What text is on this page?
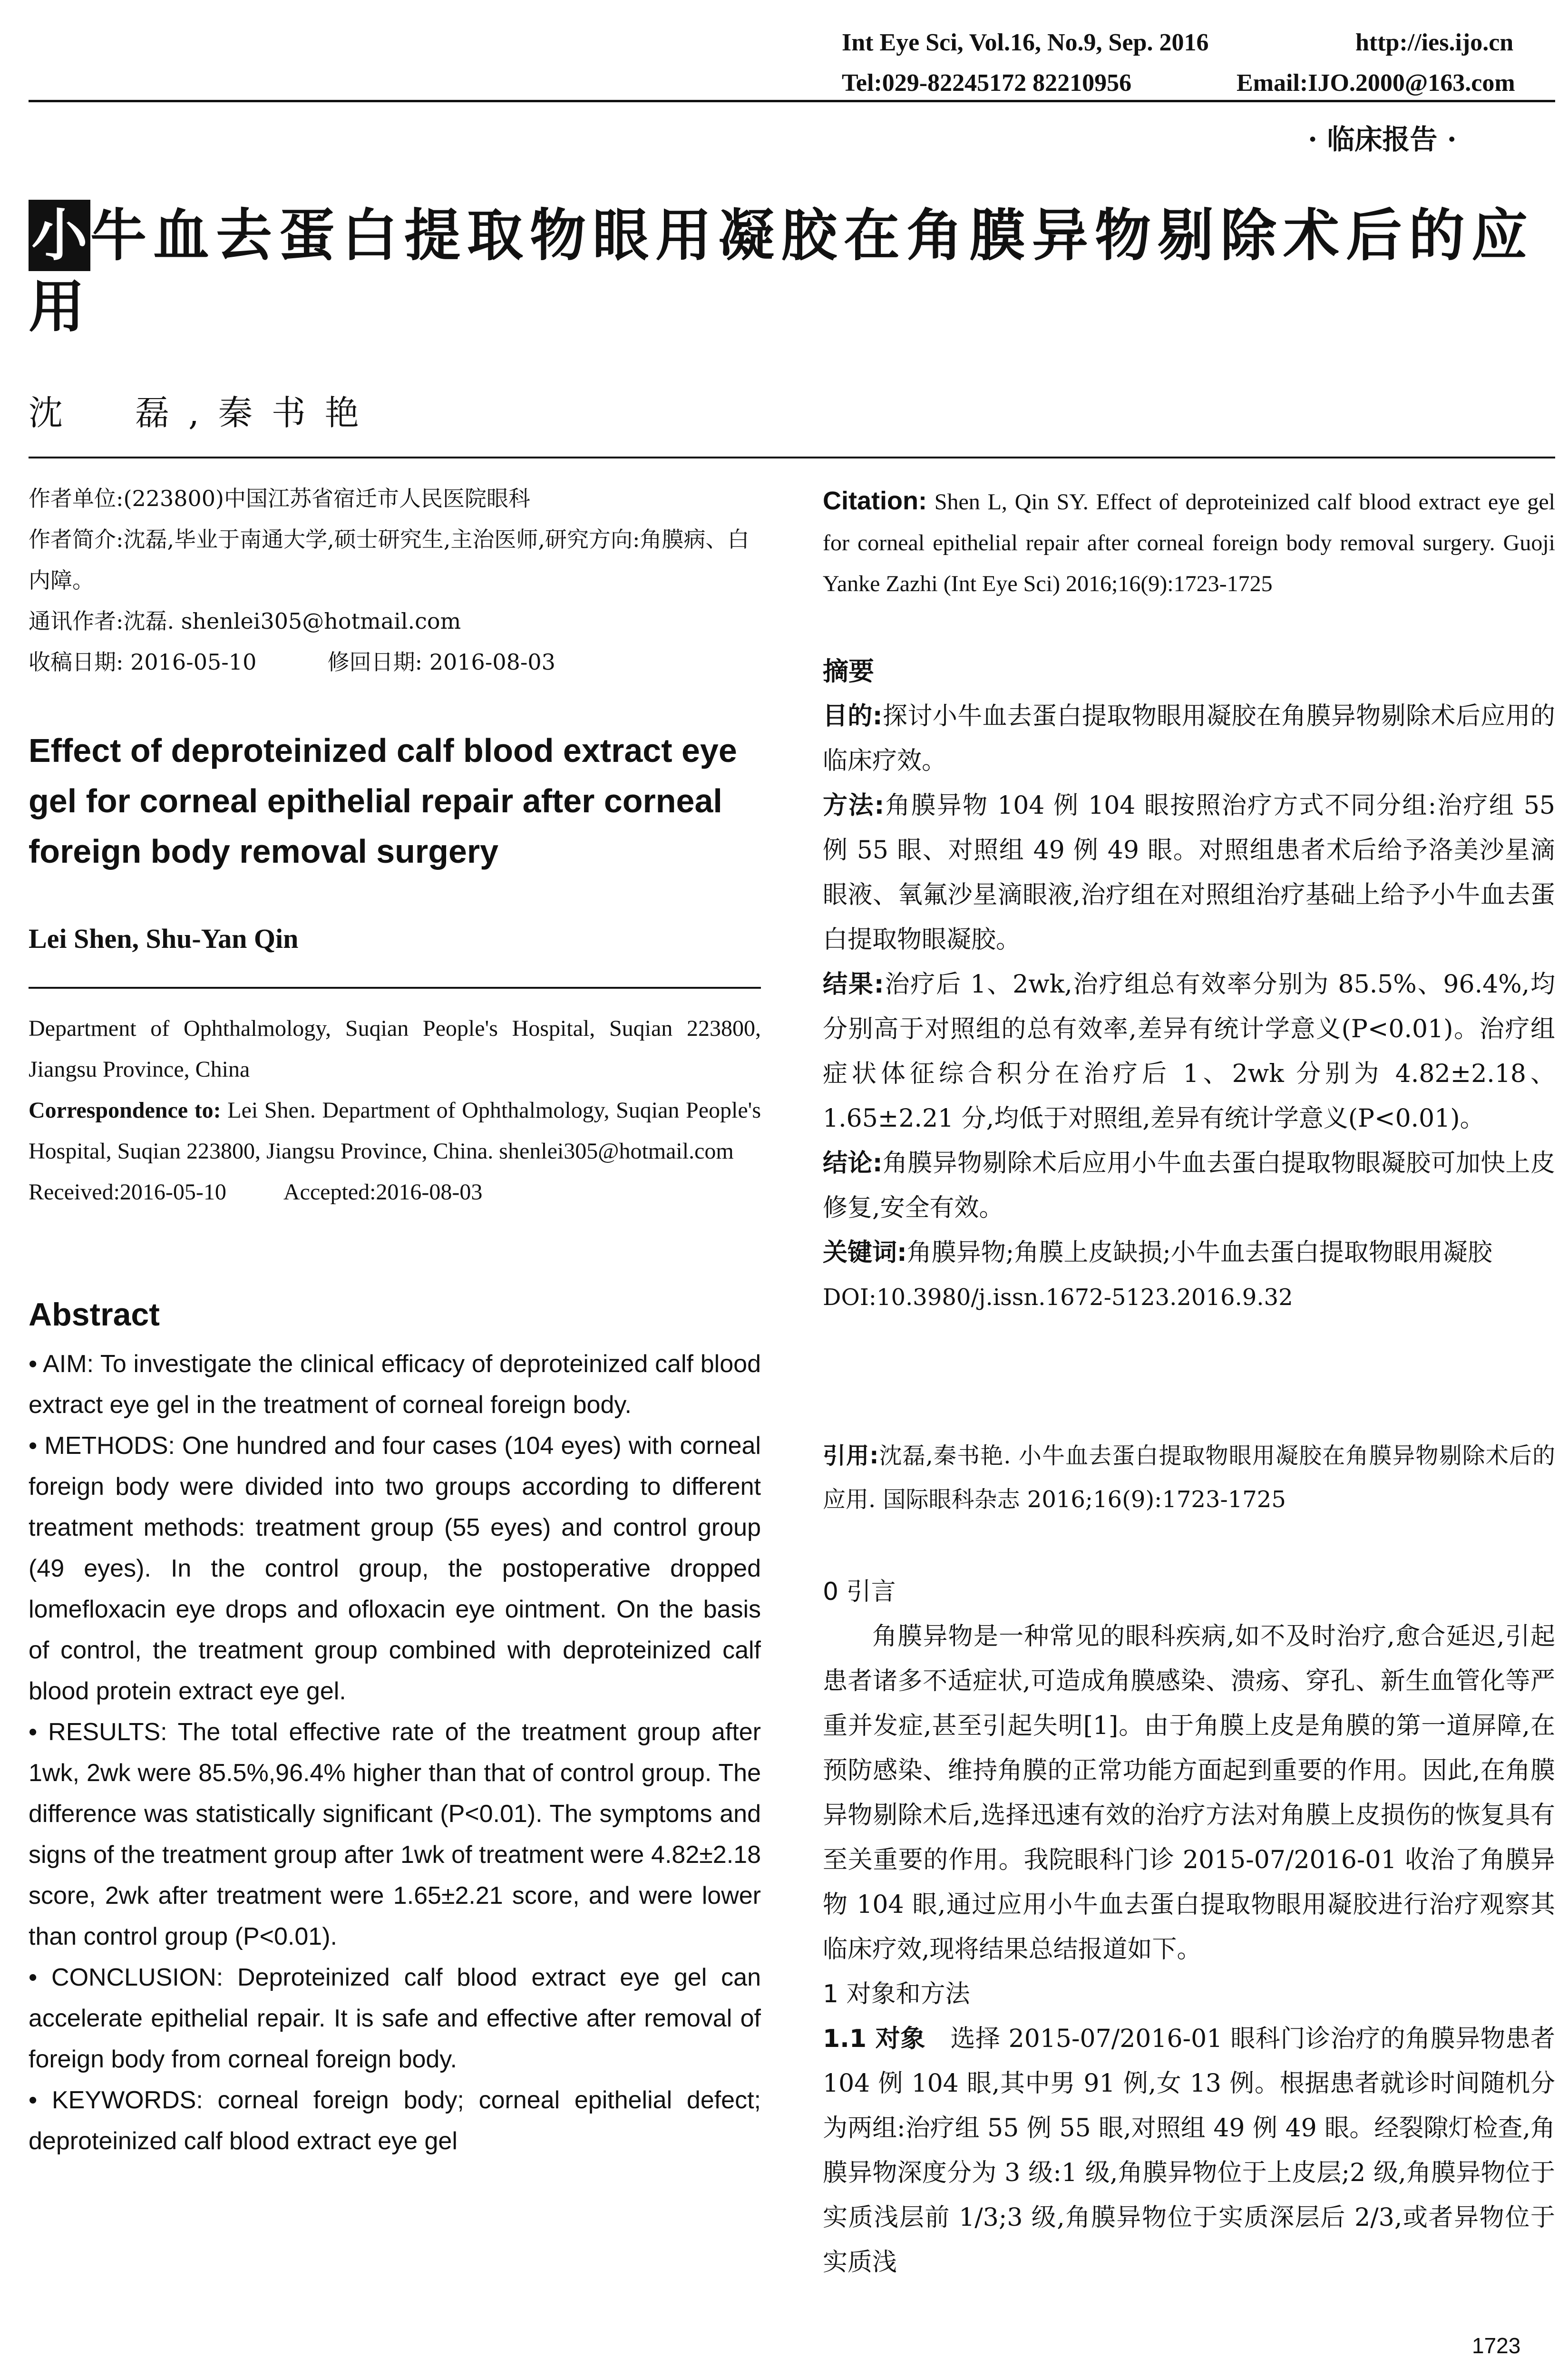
Int Eye Sci, Vol.16, No.9, Sep. 2016	http://ies.ijo.cn
Tel:029-82245172 82210956	Email:IJO.2000@163.com
· 临床报告 ·
小牛血去蛋白提取物眼用凝胶在角膜异物剔除术后的应用
沈　磊,秦书艳
作者单位:(223800)中国江苏省宿迁市人民医院眼科
作者简介:沈磊,毕业于南通大学,硕士研究生,主治医师,研究方向:角膜病、白内障。
通讯作者:沈磊. shenlei305@hotmail.com
收稿日期: 2016-05-10	修回日期: 2016-08-03
Effect of deproteinized calf blood extract eye gel for corneal epithelial repair after corneal foreign body removal surgery
Lei Shen, Shu-Yan Qin

Department of Ophthalmology, Suqian People's Hospital, Suqian 223800, Jiangsu Province, China

Correspondence to: Lei Shen. Department of Ophthalmology, Suqian People's Hospital, Suqian 223800, Jiangsu Province, China. shenlei305@hotmail.com

Received:2016-05-10	Accepted:2016-08-03

Abstract

• AIM: To investigate the clinical efficacy of deproteinized calf blood extract eye gel in the treatment of corneal foreign body.

• METHODS: One hundred and four cases (104 eyes) with corneal foreign body were divided into two groups according to different treatment methods: treatment group (55 eyes) and control group (49 eyes). In the control group, the postoperative dropped lomefloxacin eye drops and ofloxacin eye ointment. On the basis of control, the treatment group combined with deproteinized calf blood protein extract eye gel.

• RESULTS: The total effective rate of the treatment group after 1wk, 2wk were 85.5%,96.4% higher than that of control group. The difference was statistically significant (P<0.01). The symptoms and signs of the treatment group after 1wk of treatment were 4.82±2.18 score, 2wk after treatment were 1.65±2.21 score, and were lower than control group (P<0.01).

• CONCLUSION: Deproteinized calf blood extract eye gel can accelerate epithelial repair. It is safe and effective after removal of foreign body from corneal foreign body.

• KEYWORDS: corneal foreign body; corneal epithelial defect; deproteinized calf blood extract eye gel

Citation: Shen L, Qin SY. Effect of deproteinized calf blood extract eye gel for corneal epithelial repair after corneal foreign body removal surgery. Guoji Yanke Zazhi (Int Eye Sci) 2016;16(9):1723-1725

摘要

目的:探讨小牛血去蛋白提取物眼用凝胶在角膜异物剔除术后应用的临床疗效。

方法:角膜异物 104 例 104 眼按照治疗方式不同分组:治疗组 55 例 55 眼、对照组 49 例 49 眼。对照组患者术后给予洛美沙星滴眼液、氧氟沙星滴眼液,治疗组在对照组治疗基础上给予小牛血去蛋白提取物眼凝胶。

结果:治疗后 1、2wk,治疗组总有效率分别为 85.5%、96.4%,均分别高于对照组的总有效率,差异有统计学意义(P<0.01)。治疗组症状体征综合积分在治疗后 1、2wk 分别为 4.82±2.18、1.65±2.21 分,均低于对照组,差异有统计学意义(P<0.01)。

结论:角膜异物剔除术后应用小牛血去蛋白提取物眼凝胶可加快上皮修复,安全有效。

关键词:角膜异物;角膜上皮缺损;小牛血去蛋白提取物眼用凝胶

DOI:10.3980/j.issn.1672-5123.2016.9.32

引用:沈磊,秦书艳. 小牛血去蛋白提取物眼用凝胶在角膜异物剔除术后的应用. 国际眼科杂志 2016;16(9):1723-1725

0 引言

角膜异物是一种常见的眼科疾病,如不及时治疗,愈合延迟,引起患者诸多不适症状,可造成角膜感染、溃疡、穿孔、新生血管化等严重并发症,甚至引起失明[1]。由于角膜上皮是角膜的第一道屏障,在预防感染、维持角膜的正常功能方面起到重要的作用。因此,在角膜异物剔除术后,选择迅速有效的治疗方法对角膜上皮损伤的恢复具有至关重要的作用。我院眼科门诊 2015-07/2016-01 收治了角膜异物 104 眼,通过应用小牛血去蛋白提取物眼用凝胶进行治疗观察其临床疗效,现将结果总结报道如下。

1 对象和方法

1.1 对象　选择 2015-07/2016-01 眼科门诊治疗的角膜异物患者 104 例 104 眼,其中男 91 例,女 13 例。根据患者就诊时间随机分为两组:治疗组 55 例 55 眼,对照组 49 例 49 眼。经裂隙灯检查,角膜异物深度分为 3 级:1 级,角膜异物位于上皮层;2 级,角膜异物位于实质浅层前 1/3;3 级,角膜异物位于实质深层后 2/3,或者异物位于实质浅

1723
